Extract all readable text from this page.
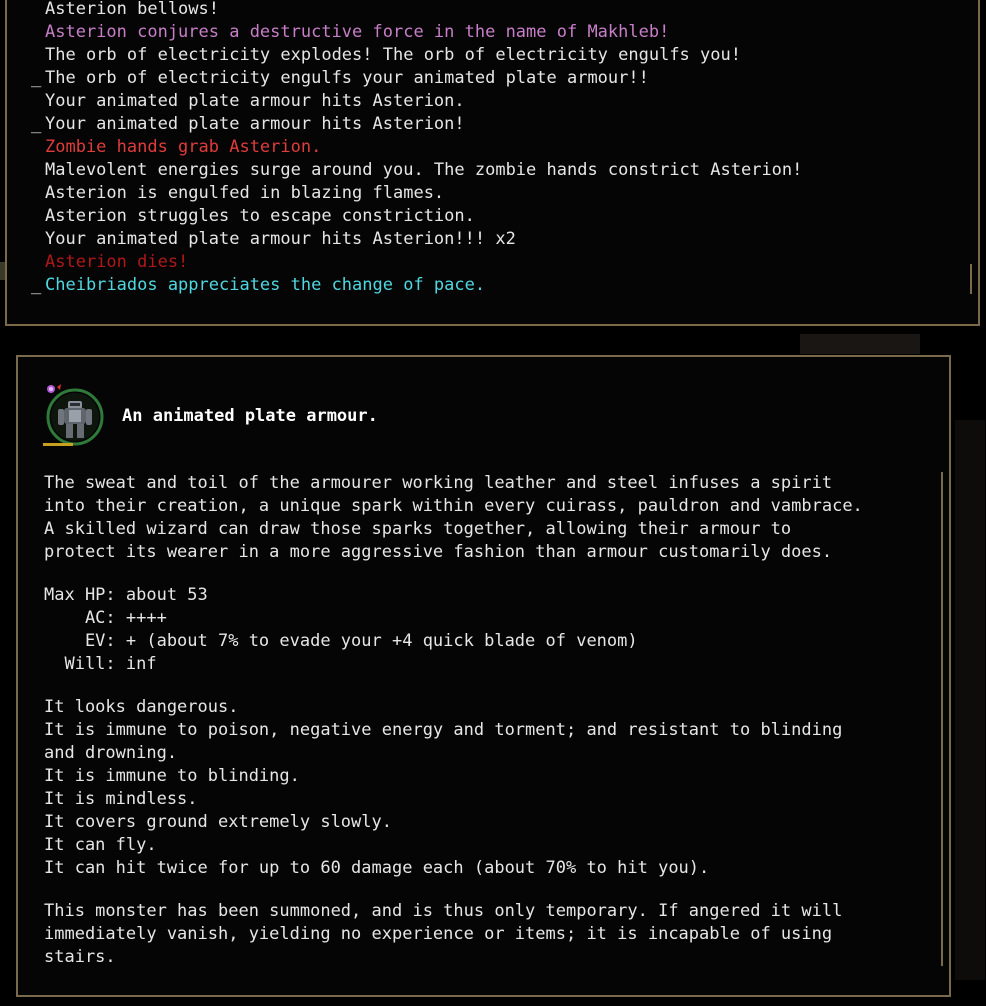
Asterion bellows!
Asterion conjures a destructive force in the name of Makhleb!
The orb of electricity explodes! The orb of electricity engulfs you!
_ The orb of electricity engulfs your animated plate armour!!
Your animated plate armour hits Asterion.
_ Your animated plate armour hits Asterion!
Zombie hands grab Asterion.
Malevolent energies surge around you. The zombie hands constrict Asterion!
Asterion is engulfed in blazing flames.
Asterion struggles to escape constriction.
Your animated plate armour hits Asterion!!! x2
Asterion dies!
_ Cheibriados appreciates the change of pace.
An animated plate armour.
The sweat and toil of the armourer working leather and steel infuses a spirit
into their creation, a unique spark within every cuirass, pauldron and vambrace.
A skilled wizard can draw those sparks together, allowing their armour to
protect its wearer in a more aggressive fashion than armour customarily does.
Max HP: about 53
AC: ++++
EV: + (about 7% to evade your +4 quick blade of venom)
Will: inf
It looks dangerous.
It is immune to poison, negative energy and torment; and resistant to blinding
and drowning.
It is immune to blinding.
It is mindless.
It covers ground extremely slowly.
It can fly.
It can hit twice for up to 60 damage each (about 70% to hit you).
This monster has been summoned, and is thus only temporary. If angered it will
immediately vanish, yielding no experience or items; it is incapable of using
stairs.
